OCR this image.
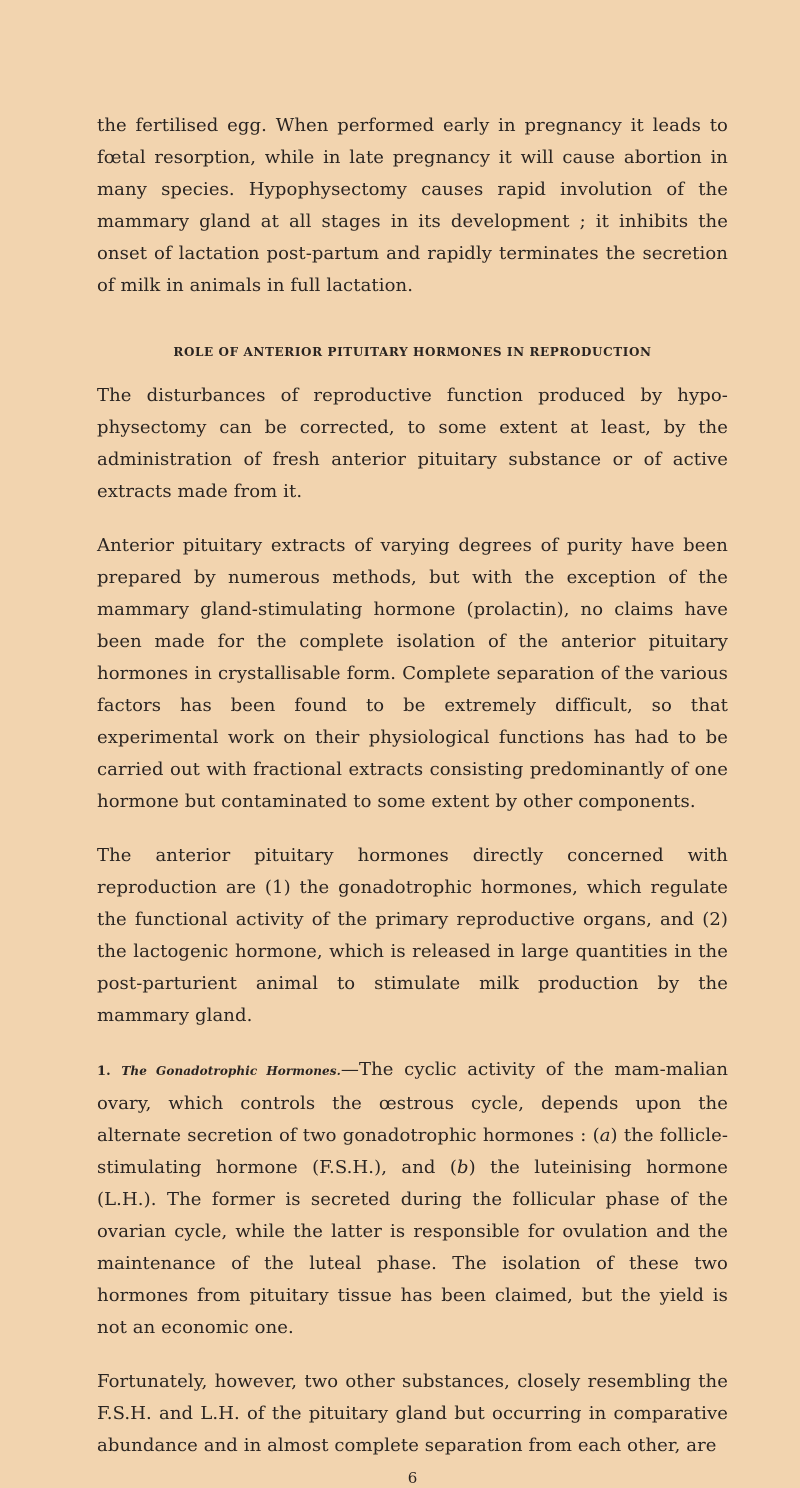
the fertilised egg. When performed early in pregnancy it leads to fœtal resorption, while in late pregnancy it will cause abortion in many species. Hypophysectomy causes rapid involution of the mammary gland at all stages in its development ; it inhibits the onset of lactation post-partum and rapidly terminates the secretion of milk in animals in full lactation.

ROLE OF ANTERIOR PITUITARY HORMONES IN REPRODUCTION

The disturbances of reproductive function produced by hypo-physectomy can be corrected, to some extent at least, by the administration of fresh anterior pituitary substance or of active extracts made from it.

Anterior pituitary extracts of varying degrees of purity have been prepared by numerous methods, but with the exception of the mammary gland-stimulating hormone (prolactin), no claims have been made for the complete isolation of the anterior pituitary hormones in crystallisable form. Complete separation of the various factors has been found to be extremely difficult, so that experimental work on their physiological functions has had to be carried out with fractional extracts consisting predominantly of one hormone but contaminated to some extent by other components.

The anterior pituitary hormones directly concerned with reproduction are (1) the gonadotrophic hormones, which regulate the functional activity of the primary reproductive organs, and (2) the lactogenic hormone, which is released in large quantities in the post-parturient animal to stimulate milk production by the mammary gland.

1. The Gonadotrophic Hormones.—The cyclic activity of the mam-malian ovary, which controls the œstrous cycle, depends upon the alternate secretion of two gonadotrophic hormones : (a) the follicle-stimulating hormone (F.S.H.), and (b) the luteinising hormone (L.H.). The former is secreted during the follicular phase of the ovarian cycle, while the latter is responsible for ovulation and the maintenance of the luteal phase. The isolation of these two hormones from pituitary tissue has been claimed, but the yield is not an economic one.

Fortunately, however, two other substances, closely resembling the F.S.H. and L.H. of the pituitary gland but occurring in comparative abundance and in almost complete separation from each other, are

6
